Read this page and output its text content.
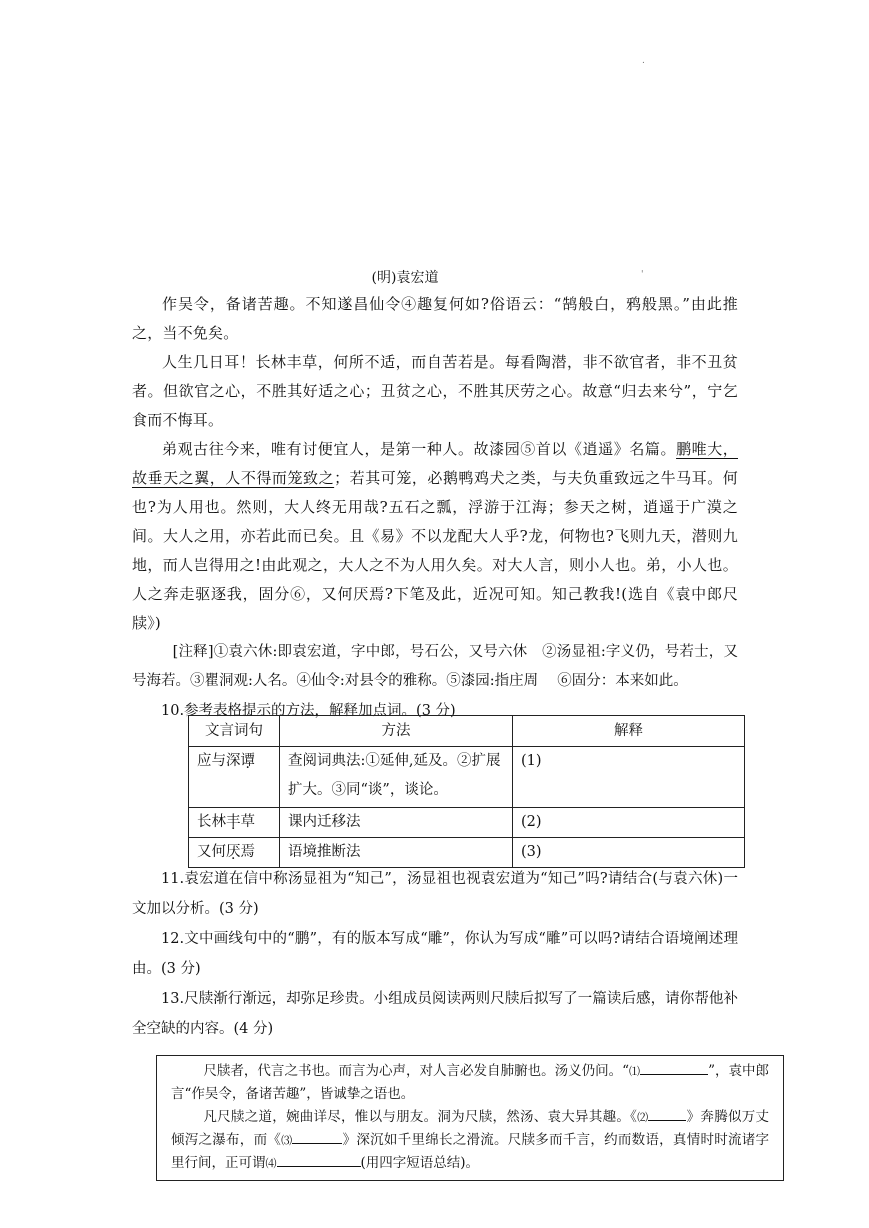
.
'
(明)袁宏道

作吴令，备诸苦趣。不知遂昌仙令④趣复何如?俗语云：“鹄般白，鸦般黑。”由此推之，当不免矣。

人生几日耳！长林丰草，何所不适，而自苦若是。每看陶潜，非不欲官者，非不丑贫者。但欲官之心，不胜其好适之心；丑贫之心，不胜其厌劳之心。故意“归去来兮”，宁乞食而不悔耳。

弟观古往今来，唯有讨便宜人，是第一种人。故漆园⑤首以《逍遥》名篇。鹏唯大，故垂天之翼，人不得而笼致之；若其可笼，必鹅鸭鸡犬之类，与夫负重致远之牛马耳。何也?为人用也。然则，大人终无用哉?五石之瓢，浮游于江海；参天之树，逍遥于广漠之间。大人之用，亦若此而已矣。且《易》不以龙配大人乎?龙，何物也?飞则九天，潜则九地，而人岂得用之!由此观之，大人之不为人用久矣。对大人言，则小人也。弟，小人也。人之奔走驱逐我，固分⑥，又何厌焉?下笔及此，近况可知。知己教我!(选自《袁中郎尺牍》)

[注释]①袁六休:即袁宏道，字中郎，号石公，又号六休　②汤显祖:字义仍，号若士，又号海若。③瞿洞观:人名。④仙令:对县令的雅称。⑤漆园:指庄周　 ⑥固分：本来如此。

10.参考表格提示的方法，解释加点词。(3 分)

文言词句	方法	解释
应与深谭	查阅词典法:①延伸,延及。②扩展扩大。③同“谈”，谈论。	(1)
长林丰草	课内迁移法	(2)
又何厌焉	语境推断法	(3)

11.袁宏道在信中称汤显祖为“知己”，汤显祖也视袁宏道为“知己”吗?请结合(与袁六休)一文加以分析。(3 分)

12.文中画线句中的“鹏”，有的版本写成“雕”，你认为写成“雕”可以吗?请结合语境阐述理由。(3 分)

13.尺牍渐行渐远，却弥足珍贵。小组成员阅读两则尺牍后拟写了一篇读后感，请你帮他补全空缺的内容。(4 分)

尺牍者，代言之书也。而言为心声，对人言必发自肺腑也。汤义仍问。“⑴	”，袁中郎言“作吴令，备诸苦趣”，皆诚挚之语也。

凡尺牍之道，婉曲详尽，惟以与朋友。洞为尺牍，然汤、袁大异其趣。《⑵	》奔腾似万丈倾泻之瀑布，而《⑶	》深沉如千里绵长之滑流。尺牍多而千言，约而数语，真情时时流诸字里行间，正可谓⑷	(用四字短语总结)。
